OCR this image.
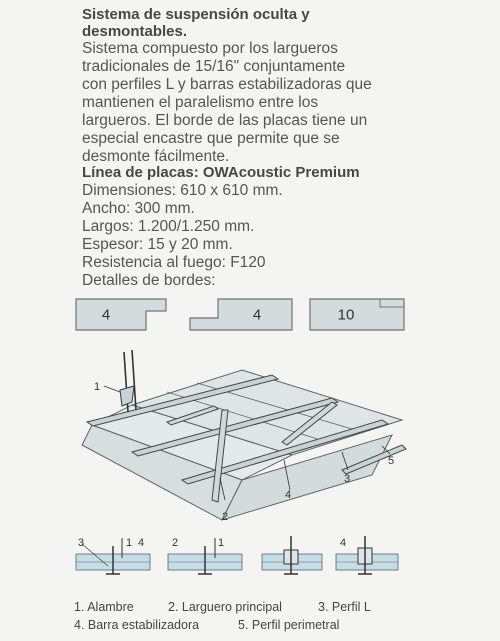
Sistema de suspensión oculta y
desmontables.
Sistema compuesto por los largueros
tradicionales de 15/16" conjuntamente
con perfiles L y barras estabilizadoras que
mantienen el paralelismo entre los
largueros. El borde de las placas tiene un
especial encastre que permite que se
desmonte fácilmente.
Línea de placas: OWAcoustic Premium
Dimensiones: 610 x 610 mm.
Ancho: 300 mm.
Largos: 1.200/1.250 mm.
Espesor: 15 y 20 mm.
Resistencia al fuego: F120
Detalles de bordes:
4	4	10
1
2
3
4
5
3	1 4	2	1	4
1. Alambre	2. Larguero principal	3. Perfil L
4. Barra estabilizadora	5. Perfil perimetral
